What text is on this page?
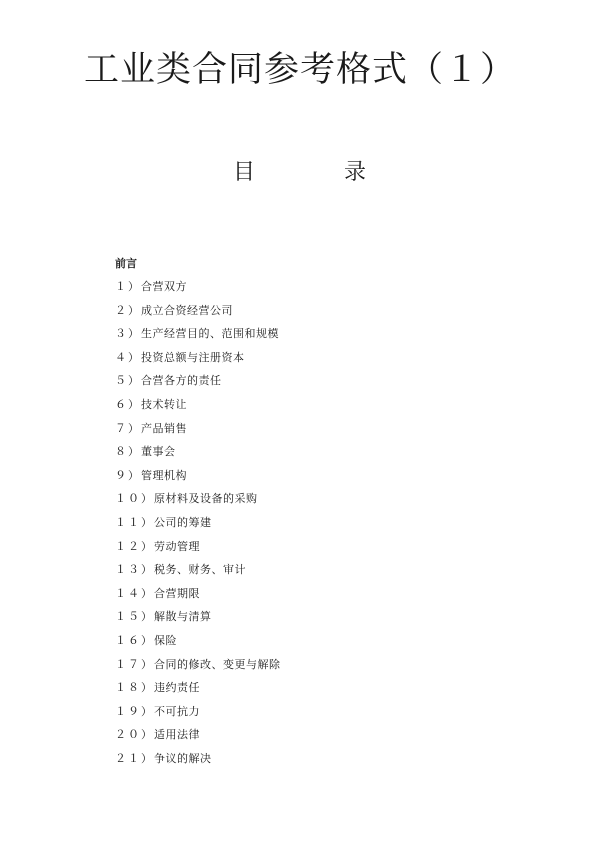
工业类合同参考格式（１）
目	录
前言
１）合营双方
２）成立合资经营公司
３）生产经营目的、范围和规模
４）投资总额与注册资本
５）合营各方的责任
６）技术转让
７）产品销售
８）董事会
９）管理机构
１０）原材料及设备的采购
１１）公司的筹建
１２）劳动管理
１３）税务、财务、审计
１４）合营期限
１５）解散与清算
１６）保险
１７）合同的修改、变更与解除
１８）违约责任
１９）不可抗力
２０）适用法律
２１）争议的解决
